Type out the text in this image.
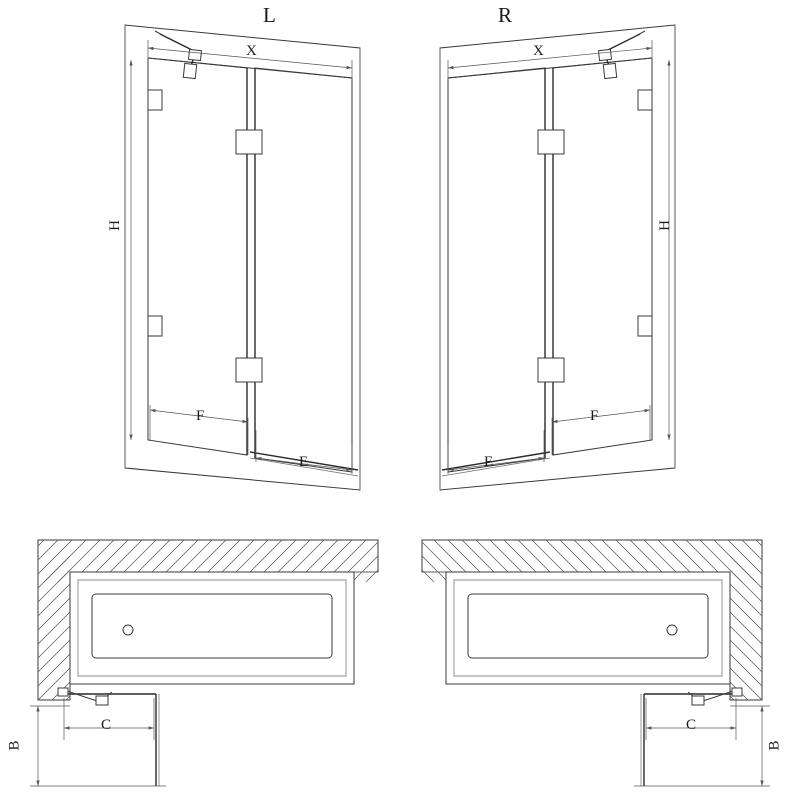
L	R
X	X
H	H
F
E
F
E
C
B
C
B
